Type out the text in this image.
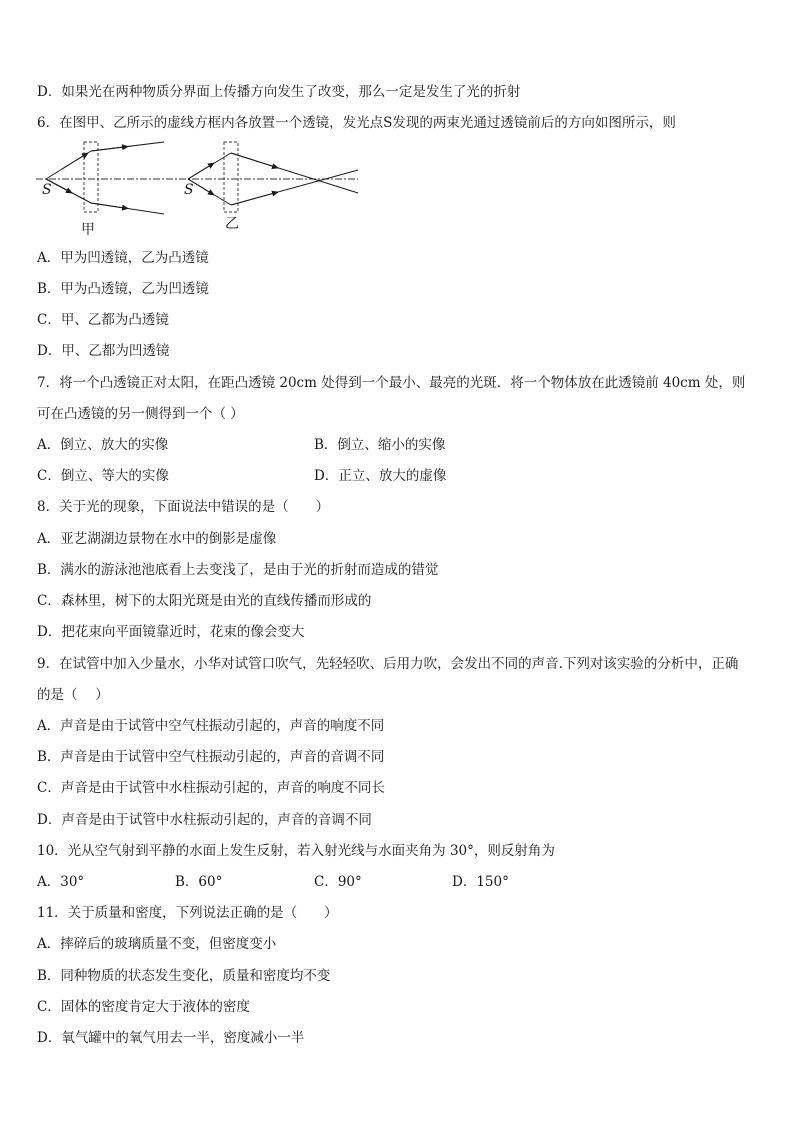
D．如果光在两种物质分界面上传播方向发生了改变，那么一定是发生了光的折射
6．在图甲、乙所示的虚线方框内各放置一个透镜，发光点S发现的两束光通过透镜前后的方向如图所示，则
S	S
甲	乙
A．甲为凹透镜，乙为凸透镜
B．甲为凸透镜，乙为凹透镜
C．甲、乙都为凸透镜
D．甲、乙都为凹透镜
7．将一个凸透镜正对太阳，在距凸透镜 20cm 处得到一个最小、最亮的光斑．将一个物体放在此透镜前 40cm 处，则
可在凸透镜的另一侧得到一个（ ）
A．倒立、放大的实像	B．倒立、缩小的实像
C．倒立、等大的实像	D．正立、放大的虚像
8．关于光的现象，下面说法中错误的是（　　）
A．亚艺湖湖边景物在水中的倒影是虚像
B．满水的游泳池池底看上去变浅了，是由于光的折射而造成的错觉
C．森林里，树下的太阳光斑是由光的直线传播而形成的
D．把花束向平面镜靠近时，花束的像会变大
9．在试管中加入少量水，小华对试管口吹气，先轻轻吹、后用力吹，会发出不同的声音.下列对该实验的分析中，正确
的是（　 ）
A．声音是由于试管中空气柱振动引起的，声音的响度不同
B．声音是由于试管中空气柱振动引起的，声音的音调不同
C．声音是由于试管中水柱振动引起的，声音的响度不同长
D．声音是由于试管中水柱振动引起的，声音的音调不同
10．光从空气射到平静的水面上发生反射，若入射光线与水面夹角为 30°，则反射角为
A．30°	B．60°	C．90°	D．150°
11．关于质量和密度，下列说法正确的是（　　）
A．摔碎后的玻璃质量不变，但密度变小
B．同种物质的状态发生变化，质量和密度均不变
C．固体的密度肯定大于液体的密度
D．氧气罐中的氧气用去一半，密度减小一半
